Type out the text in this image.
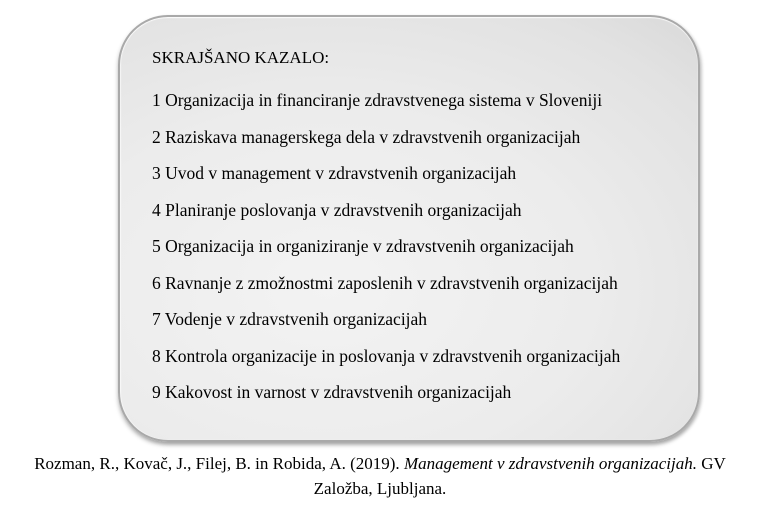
SKRAJŠANO KAZALO:

1 Organizacija in financiranje zdravstvenega sistema v Sloveniji

2 Raziskava managerskega dela v zdravstvenih organizacijah

3 Uvod v management v zdravstvenih organizacijah

4 Planiranje poslovanja v zdravstvenih organizacijah

5 Organizacija in organiziranje v zdravstvenih organizacijah

6 Ravnanje z zmožnostmi zaposlenih v zdravstvenih organizacijah

7 Vodenje v zdravstvenih organizacijah

8 Kontrola organizacije in poslovanja v zdravstvenih organizacijah

9 Kakovost in varnost v zdravstvenih organizacijah

Rozman, R., Kovač, J., Filej, B. in Robida, A. (2019). Management v zdravstvenih organizacijah. GV Založba, Ljubljana.
